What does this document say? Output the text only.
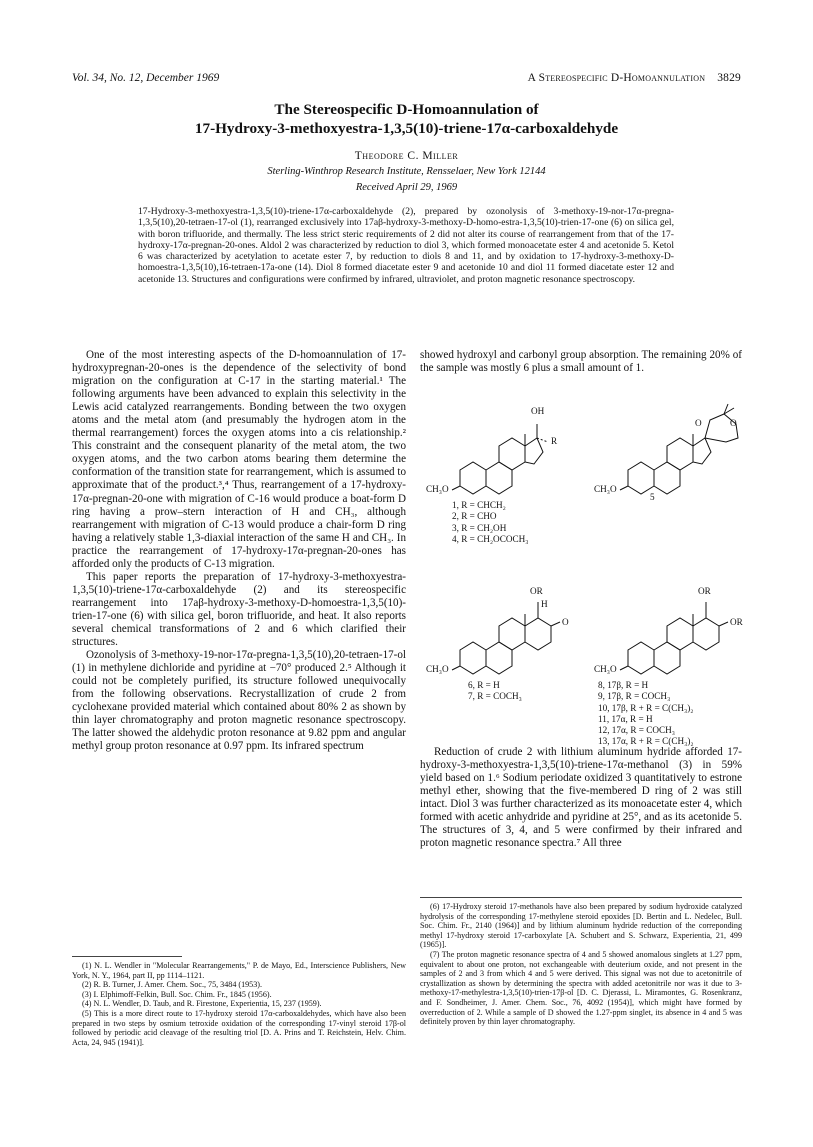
Vol. 34, No. 12, December 1969	A Stereospecific D-Homoannulation 3829
The Stereospecific D-Homoannulation of
17-Hydroxy-3-methoxyestra-1,3,5(10)-triene-17α-carboxaldehyde
Theodore C. Miller
Sterling-Winthrop Research Institute, Rensselaer, New York 12144
Received April 29, 1969
17-Hydroxy-3-methoxyestra-1,3,5(10)-triene-17α-carboxaldehyde (2), prepared by ozonolysis of 3-methoxy-19-nor-17α-pregna-1,3,5(10),20-tetraen-17-ol (1), rearranged exclusively into 17aβ-hydroxy-3-methoxy-D-homo-estra-1,3,5(10)-trien-17-one (6) on silica gel, with boron trifluoride, and thermally. The less strict steric requirements of 2 did not alter its course of rearrangement from that of the 17-hydroxy-17α-pregnan-20-ones. Aldol 2 was characterized by reduction to diol 3, which formed monoacetate ester 4 and acetonide 5. Ketol 6 was characterized by acetylation to acetate ester 7, by reduction to diols 8 and 11, and by oxidation to 17-hydroxy-3-methoxy-D-homoestra-1,3,5(10),16-tetraen-17a-one (14). Diol 8 formed diacetate ester 9 and acetonide 10 and diol 11 formed diacetate ester 12 and acetonide 13. Structures and configurations were confirmed by infrared, ultraviolet, and proton magnetic resonance spectroscopy.

One of the most interesting aspects of the D-homoannulation of 17-hydroxypregnan-20-ones is the dependence of the selectivity of bond migration on the configuration at C-17 in the starting material.¹ The following arguments have been advanced to explain this selectivity in the Lewis acid catalyzed rearrangements. Bonding between the two oxygen atoms and the metal atom (and presumably the hydrogen atom in the thermal rearrangement) forces the oxygen atoms into a cis relationship.² This constraint and the consequent planarity of the metal atom, the two oxygen atoms, and the two carbon atoms bearing them determine the conformation of the transition state for rearrangement, which is assumed to approximate that of the product.³,⁴ Thus, rearrangement of a 17-hydroxy-17α-pregnan-20-one with migration of C-16 would produce a boat-form D ring having a prow–stern interaction of H and CH₃, although rearrangement with migration of C-13 would produce a chair-form D ring having a relatively stable 1,3-diaxial interaction of the same H and CH₃. In practice the rearrangement of 17-hydroxy-17α-pregnan-20-ones has afforded only the products of C-13 migration.

This paper reports the preparation of 17-hydroxy-3-methoxyestra-1,3,5(10)-triene-17α-carboxaldehyde (2) and its stereospecific rearrangement into 17aβ-hydroxy-3-methoxy-D-homoestra-1,3,5(10)-trien-17-one (6) with silica gel, boron trifluoride, and heat. It also reports several chemical transformations of 2 and 6 which clarified their structures.

Ozonolysis of 3-methoxy-19-nor-17α-pregna-1,3,5(10),20-tetraen-17-ol (1) in methylene dichloride and pyridine at −70° produced 2.⁵ Although it could not be completely purified, its structure followed unequivocally from the following observations. Recrystallization of crude 2 from cyclohexane provided material which contained about 80% 2 as shown by thin layer chromatography and proton magnetic resonance spectroscopy. The latter showed the aldehydic proton resonance at 9.82 ppm and angular methyl group proton resonance at 0.97 ppm. Its infrared spectrum

showed hydroxyl and carbonyl group absorption. The remaining 20% of the sample was mostly 6 plus a small amount of 1.

OH
R
CH₃O
O	O
CH₃O
1, R = CHCH₂
2, R = CHO
3, R = CH₂OH
4, R = CH₂OCOCH₃
5
OR
H
O
CH₃O
OR
OR
CH₃O
6, R = H
7, R = COCH₃
8, 17β, R = H
9, 17β, R = COCH₃
10, 17β, R + R = C(CH₃)₂
11, 17α, R = H
12, 17α, R = COCH₃
13, 17α, R + R = C(CH₃)₂

Reduction of crude 2 with lithium aluminum hydride afforded 17-hydroxy-3-methoxyestra-1,3,5(10)-triene-17α-methanol (3) in 59% yield based on 1.⁶ Sodium periodate oxidized 3 quantitatively to estrone methyl ether, showing that the five-membered D ring of 2 was still intact. Diol 3 was further characterized as its monoacetate ester 4, which formed with acetic anhydride and pyridine at 25°, and as its acetonide 5. The structures of 3, 4, and 5 were confirmed by their infrared and proton magnetic resonance spectra.⁷ All three

(1) N. L. Wendler in "Molecular Rearrangements," P. de Mayo, Ed., Interscience Publishers, New York, N. Y., 1964, part II, pp 1114–1121.

(2) R. B. Turner, J. Amer. Chem. Soc., 75, 3484 (1953).

(3) I. Elphimoff-Felkin, Bull. Soc. Chim. Fr., 1845 (1956).

(4) N. L. Wendler, D. Taub, and R. Firestone, Experientia, 15, 237 (1959).

(5) This is a more direct route to 17-hydroxy steroid 17α-carboxaldehydes, which have also been prepared in two steps by osmium tetroxide oxidation of the corresponding 17-vinyl steroid 17β-ol followed by periodic acid cleavage of the resulting triol [D. A. Prins and T. Reichstein, Helv. Chim. Acta, 24, 945 (1941)].

(6) 17-Hydroxy steroid 17-methanols have also been prepared by sodium hydroxide catalyzed hydrolysis of the corresponding 17-methylene steroid epoxides [D. Bertin and L. Nedelec, Bull. Soc. Chim. Fr., 2140 (1964)] and by lithium aluminum hydride reduction of the correponding methyl 17-hydroxy steroid 17-carboxylate [A. Schubert and S. Schwarz, Experientia, 21, 499 (1965)].

(7) The proton magnetic resonance spectra of 4 and 5 showed anomalous singlets at 1.27 ppm, equivalent to about one proton, not exchangeable with deuterium oxide, and not present in the samples of 2 and 3 from which 4 and 5 were derived. This signal was not due to acetonitrile of crystallization as shown by determining the spectra with added acetonitrile nor was it due to 3-methoxy-17-methylestra-1,3,5(10)-trien-17β-ol [D. C. Djerassi, L. Miramontes, G. Rosenkranz, and F. Sondheimer, J. Amer. Chem. Soc., 76, 4092 (1954)], which might have formed by overreduction of 2. While a sample of D showed the 1.27-ppm singlet, its absence in 4 and 5 was definitely proven by thin layer chromatography.
